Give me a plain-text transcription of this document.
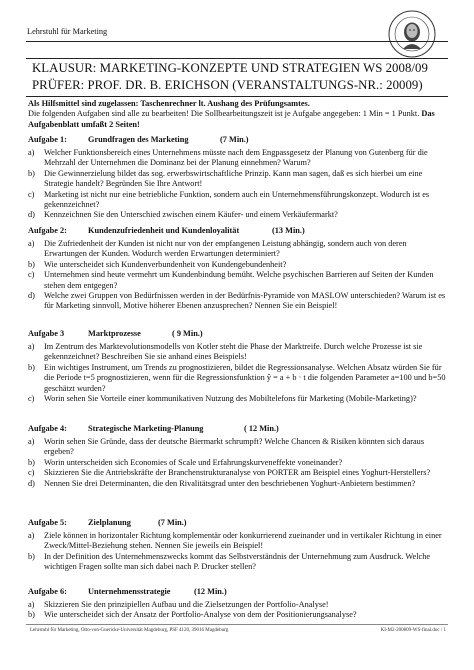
Lehrstuhl für Marketing
KLAUSUR: MARKETING-KONZEPTE UND STRATEGIEN WS 2008/09
PRÜFER: PROF. DR. B. ERICHSON (VERANSTALTUNGS-NR.: 20009)
Als Hilfsmittel sind zugelassen: Taschenrechner lt. Aushang des Prüfungsamtes.
Die folgenden Aufgaben sind alle zu bearbeiten! Die Sollbearbeitungszeit ist je Aufgabe angegeben: 1 Min = 1 Punkt. Das Aufgabenblatt umfaßt 2 Seiten!
Aufgabe 1:	Grundfragen des Marketing	(7 Min.)
a) Welcher Funktionsbereich eines Unternehmens müsste nach dem Engpassgesetz der Planung von Gutenberg für die Mehrzahl der Unternehmen die Dominanz bei der Planung einnehmen? Warum?
b) Die Gewinnerzielung bildet das sog. erwerbswirtschaftliche Prinzip. Kann man sagen, daß es sich hierbei um eine Strategie handelt? Begründen Sie Ihre Antwort!
c) Marketing ist nicht nur eine betriebliche Funktion, sondern auch ein Unternehmensführungskonzept. Wodurch ist es gekennzeichnet?
d) Kennzeichnen Sie den Unterschied zwischen einem Käufer- und einem Verkäufermarkt?
Aufgabe 2:	Kundenzufriedenheit und Kundenloyalität	(13 Min.)
a) Die Zufriedenheit der Kunden ist nicht nur von der empfangenen Leistung abhängig, sondern auch von deren Erwartungen der Kunden. Wodurch werden Erwartungen determiniert?
b) Wie unterscheidet sich Kundenverbundenheit von Kundengebundenheit?
c) Unternehmen sind heute vermehrt um Kundenbindung bemüht. Welche psychischen Barrieren auf Seiten der Kunden stehen dem entgegen?
d) Welche zwei Gruppen von Bedürfnissen werden in der Bedürfnis-Pyramide von MASLOW unterschieden? Warum ist es für Marketing sinnvoll, Motive höherer Ebenen anzusprechen? Nennen Sie ein Beispiel!
Aufgabe 3	Marktprozesse	( 9 Min.)
a) Im Zentrum des Marktevolutionsmodells von Kotler steht die Phase der Marktreife. Durch welche Prozesse ist sie gekennzeichnet? Beschreiben Sie sie anhand eines Beispiels!
b) Ein wichtiges Instrument, um Trends zu prognostizieren, bildet die Regressionsanalyse. Welchen Absatz würden Sie für die Periode t=5 prognostizieren, wenn für die Regressionsfunktion ŷ = a + b · t die folgenden Parameter a=100 und b=50 geschätzt wurden?
c) Worin sehen Sie Vorteile einer kommunikativen Nutzung des Mobiltelefons für Marketing (Mobile-Marketing)?
Aufgabe 4:	Strategische Marketing-Planung	( 12 Min.)
a) Worin sehen Sie Gründe, dass der deutsche Biermarkt schrumpft? Welche Chancen & Risiken könnten sich daraus ergeben?
b) Worin unterscheiden sich Economies of Scale und Erfahrungskurveneffekte voneinander?
c) Skizzieren Sie die Antriebskräfte der Branchenstrukturanalyse von PORTER am Beispiel eines Yoghurt-Herstellers?
d) Nennen Sie drei Determinanten, die den Rivalitätsgrad unter den beschriebenen Yoghurt-Anbietern bestimmen?
Aufgabe 5:	Zielplanung	(7 Min.)
a) Ziele können in horizontaler Richtung komplementär oder konkurrierend zueinander und in vertikaler Richtung in einer Zweck/Mittel-Beziehung stehen. Nennen Sie jeweils ein Beispiel!
b) In der Definition des Unternehmenszwecks kommt das Selbstverständnis der Unternehmung zum Ausdruck. Welche wichtigen Fragen sollte man sich dabei nach P. Drucker stellen?
Aufgabe 6:	Unternehmensstrategie	(12 Min.)
a) Skizzieren Sie den prinzipiellen Aufbau und die Zielsetzungen der Portfolio-Analyse!
b) Wie unterscheidet sich der Ansatz der Portfolio-Analyse von dem der Positionierungsanalyse?
Lehrstuhl für Marketing, Otto-von-Guericke-Universität Magdeburg, PSF 4120, 39016 Magdeburg	KI-M2-200809-WS-final.doc / 1
